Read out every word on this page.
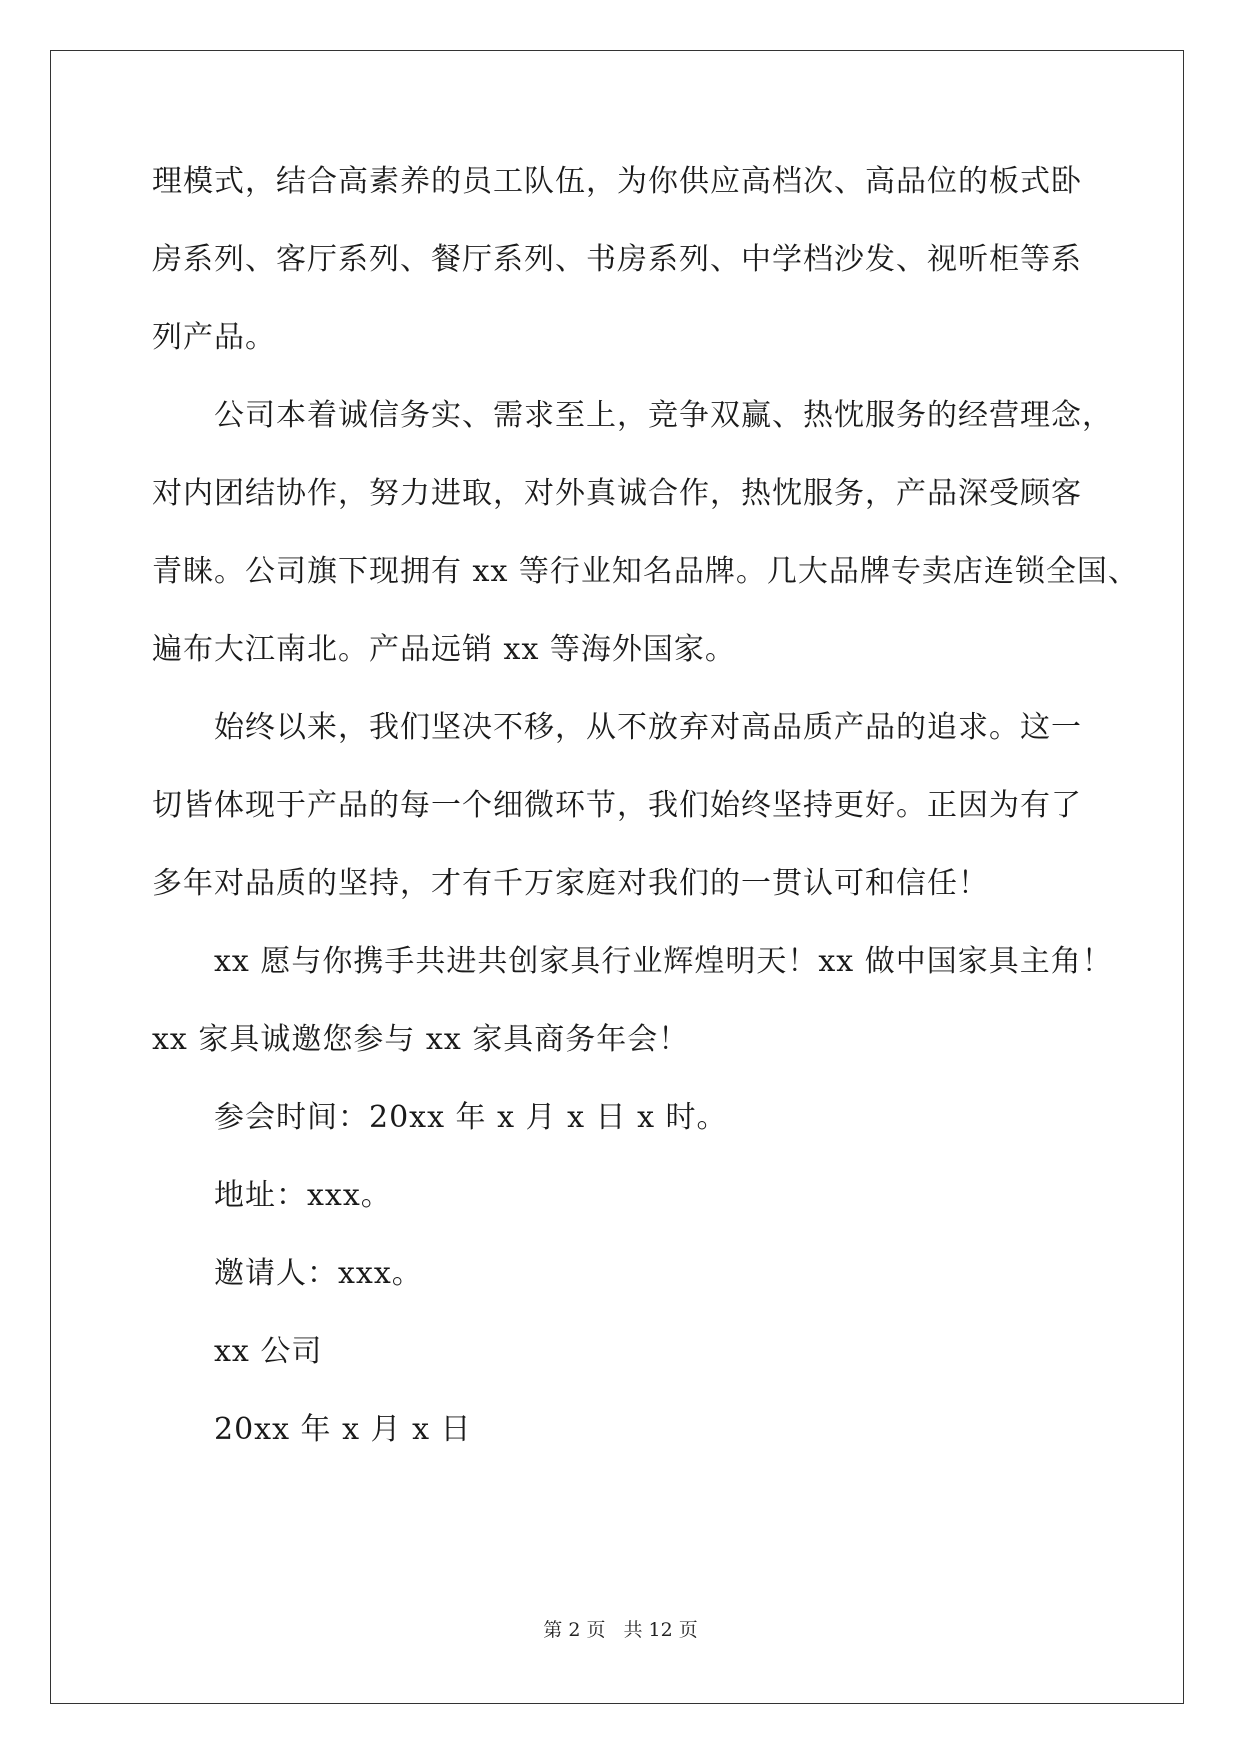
理模式，结合高素养的员工队伍，为你供应高档次、高品位的板式卧
房系列、客厅系列、餐厅系列、书房系列、中学档沙发、视听柜等系
列产品。
公司本着诚信务实、需求至上，竞争双赢、热忱服务的经营理念，
对内团结协作，努力进取，对外真诚合作，热忱服务，产品深受顾客
青睐。公司旗下现拥有 xx 等行业知名品牌。几大品牌专卖店连锁全国、
遍布大江南北。产品远销 xx 等海外国家。
始终以来，我们坚决不移，从不放弃对高品质产品的追求。这一
切皆体现于产品的每一个细微环节，我们始终坚持更好。正因为有了
多年对品质的坚持，才有千万家庭对我们的一贯认可和信任！
xx 愿与你携手共进共创家具行业辉煌明天！xx 做中国家具主角！
xx 家具诚邀您参与 xx 家具商务年会！
参会时间：20xx 年 x 月 x 日 x 时。
地址：xxx。
邀请人：xxx。
xx 公司
20xx 年 x 月 x 日
第 2 页 共 12 页
